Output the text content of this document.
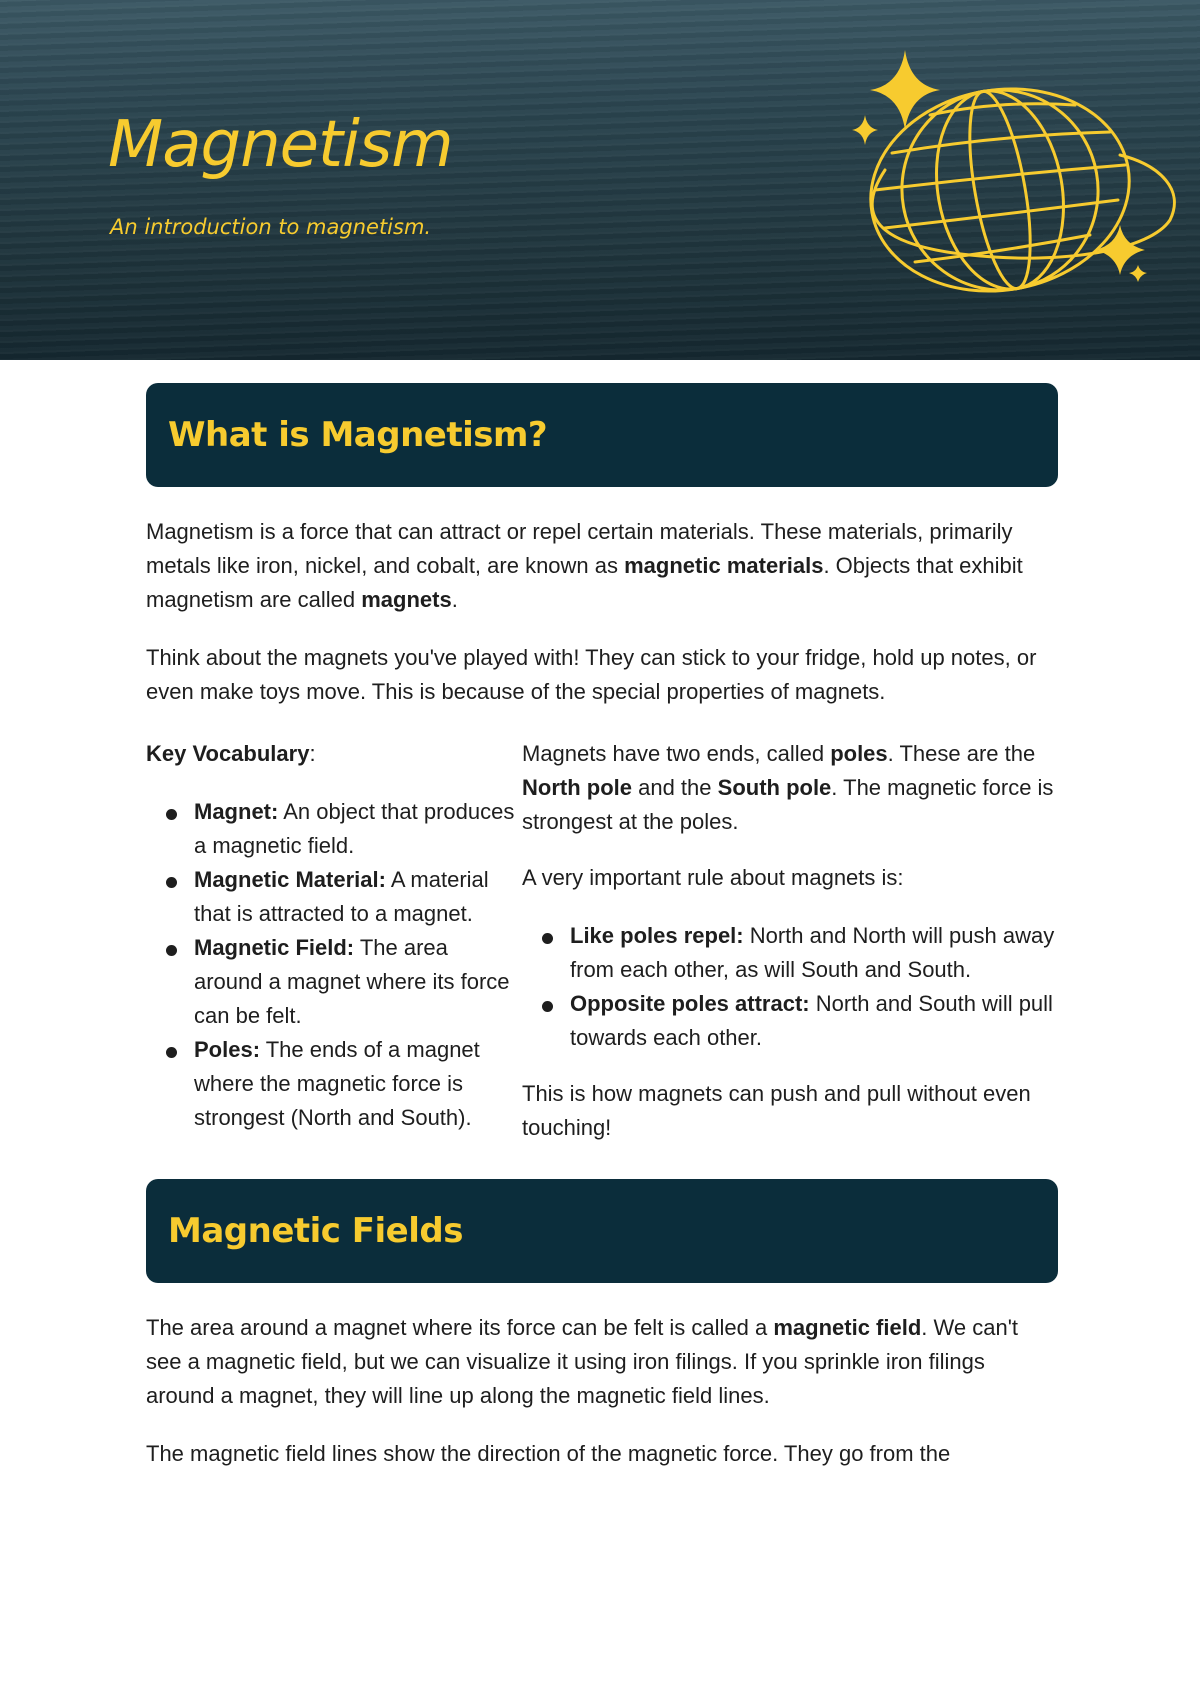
Magnetism

An introduction to magnetism.

What is Magnetism?

Magnetism is a force that can attract or repel certain materials. These materials, primarily metals like iron, nickel, and cobalt, are known as magnetic materials. Objects that exhibit magnetism are called magnets.

Think about the magnets you've played with! They can stick to your fridge, hold up notes, or even make toys move. This is because of the special properties of magnets.

Key Vocabulary:

Magnet: An object that produces a magnetic field.
Magnetic Material: A material that is attracted to a magnet.
Magnetic Field: The area around a magnet where its force can be felt.
Poles: The ends of a magnet where the magnetic force is strongest (North and South).

Magnets have two ends, called poles. These are the North pole and the South pole. The magnetic force is strongest at the poles.

A very important rule about magnets is:

Like poles repel: North and North will push away from each other, as will South and South.
Opposite poles attract: North and South will pull towards each other.

This is how magnets can push and pull without even touching!

Magnetic Fields

The area around a magnet where its force can be felt is called a magnetic field. We can't see a magnetic field, but we can visualize it using iron filings. If you sprinkle iron filings around a magnet, they will line up along the magnetic field lines.

The magnetic field lines show the direction of the magnetic force. They go from the
